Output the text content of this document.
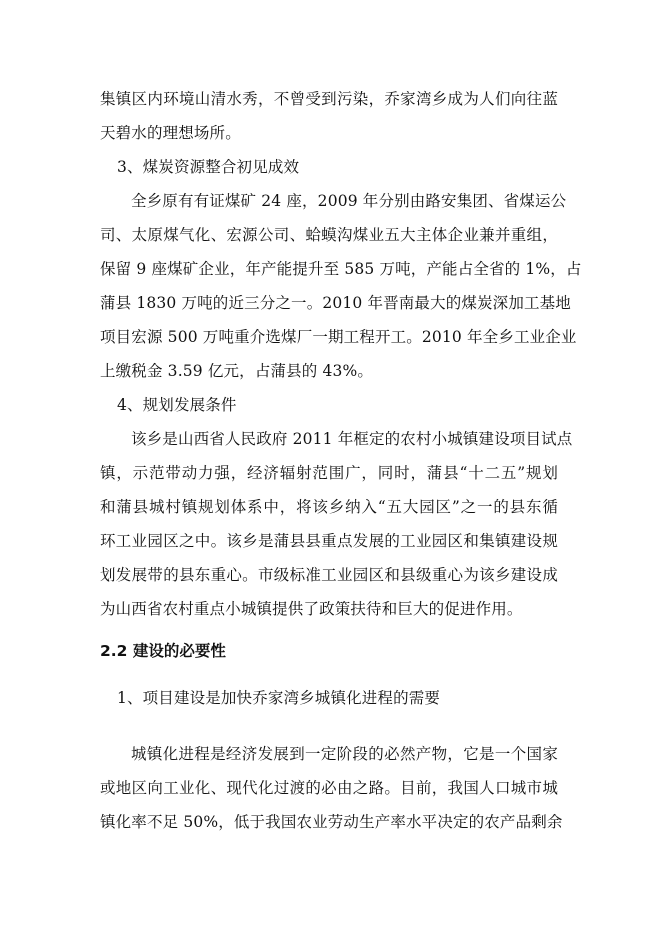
集镇区内环境山清水秀，不曾受到污染，乔家湾乡成为人们向往蓝
天碧水的理想场所。
3、煤炭资源整合初见成效
全乡原有有证煤矿 24 座，2009 年分别由路安集团、省煤运公
司、太原煤气化、宏源公司、蛤蟆沟煤业五大主体企业兼并重组，
保留 9 座煤矿企业，年产能提升至 585 万吨，产能占全省的 1%，占
蒲县 1830 万吨的近三分之一。2010 年晋南最大的煤炭深加工基地
项目宏源 500 万吨重介选煤厂一期工程开工。2010 年全乡工业企业
上缴税金 3.59 亿元，占蒲县的 43%。
4、规划发展条件
该乡是山西省人民政府 2011 年框定的农村小城镇建设项目试点
镇，示范带动力强，经济辐射范围广，同时，蒲县“十二五”规划
和蒲县城村镇规划体系中，将该乡纳入“五大园区”之一的县东循
环工业园区之中。该乡是蒲县县重点发展的工业园区和集镇建设规
划发展带的县东重心。市级标准工业园区和县级重心为该乡建设成
为山西省农村重点小城镇提供了政策扶待和巨大的促进作用。
2.2 建设的必要性
1、项目建设是加快乔家湾乡城镇化进程的需要
城镇化进程是经济发展到一定阶段的必然产物，它是一个国家
或地区向工业化、现代化过渡的必由之路。目前，我国人口城市城
镇化率不足 50%，低于我国农业劳动生产率水平决定的农产品剩余
